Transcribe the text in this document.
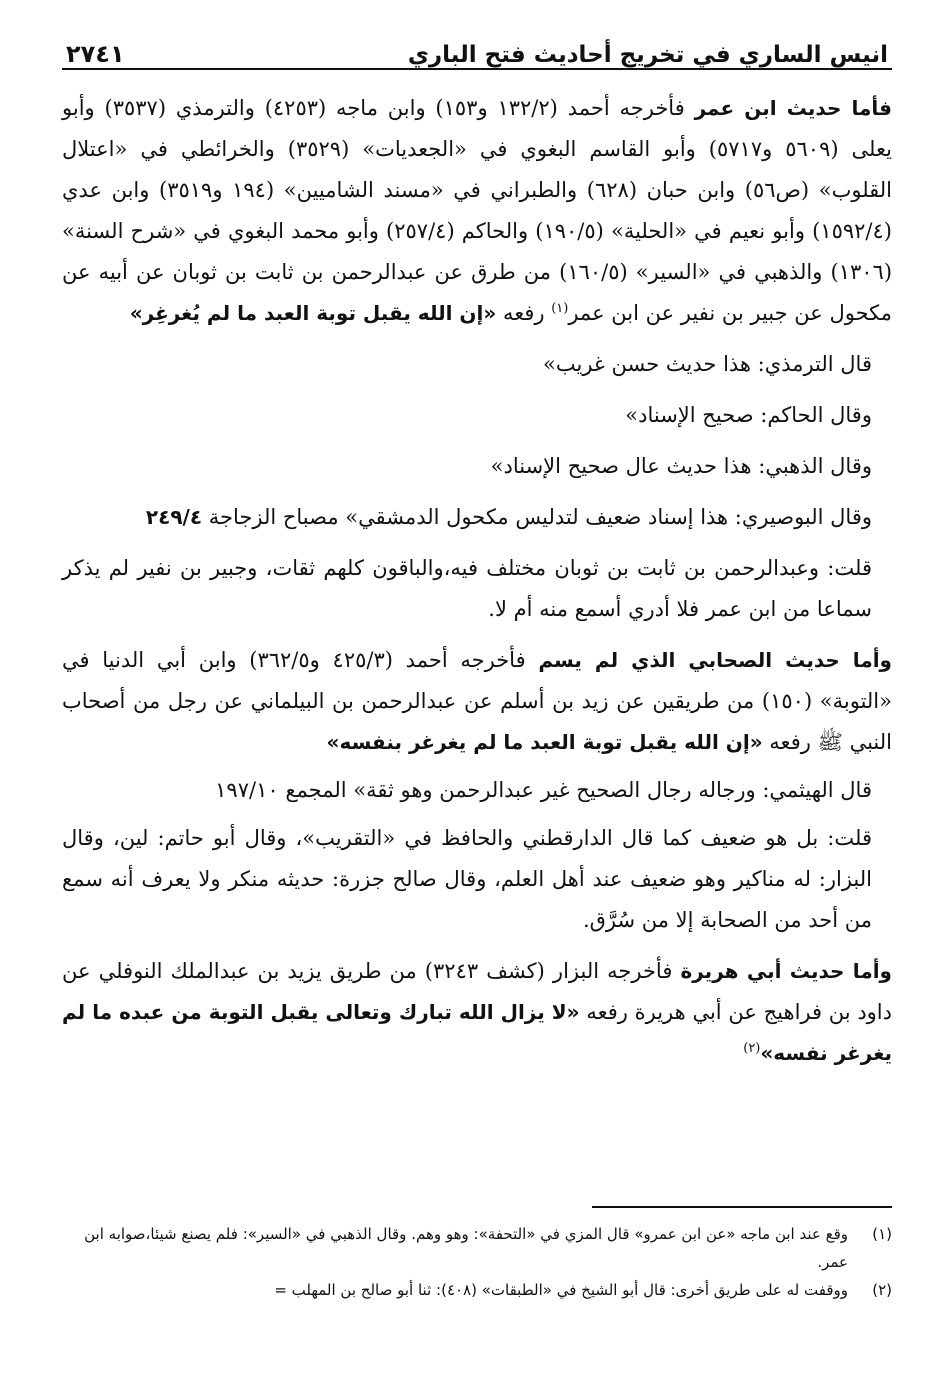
انيس الساري في تخريج أحاديث فتح الباري
٢٧٤١

فأما حديث ابن عمر فأخرجه أحمد (١٣٢/٢ و١٥٣) وابن ماجه (٤٢٥٣) والترمذي (٣٥٣٧) وأبو يعلى (٥٦٠٩ و٥٧١٧) وأبو القاسم البغوي في «الجعديات» (٣٥٢٩) والخرائطي في «اعتلال القلوب» (ص٥٦) وابن حبان (٦٢٨) والطبراني في «مسند الشاميين» (١٩٤ و٣٥١٩) وابن عدي (١٥٩٢/٤) وأبو نعيم في «الحلية» (١٩٠/٥) والحاكم (٢٥٧/٤) وأبو محمد البغوي في «شرح السنة» (١٣٠٦) والذهبي في «السير» (١٦٠/٥) من طرق عن عبدالرحمن بن ثابت بن ثوبان عن أبيه عن مكحول عن جبير بن نفير عن ابن عمر$^{(١)}$ رفعه «إن الله يقبل توبة العبد ما لم يُغرغِر»

قال الترمذي: هذا حديث حسن غريب»

وقال الحاكم: صحيح الإسناد»

وقال الذهبي: هذا حديث عال صحيح الإسناد»

وقال البوصيري: هذا إسناد ضعيف لتدليس مكحول الدمشقي» مصباح الزجاجة ٢٤٩/٤

قلت: وعبدالرحمن بن ثابت بن ثوبان مختلف فيه،والباقون كلهم ثقات، وجبير بن نفير لم يذكر سماعا من ابن عمر فلا أدري أسمع منه أم لا.

وأما حديث الصحابي الذي لم يسم فأخرجه أحمد (٤٢٥/٣ و٣٦٢/٥) وابن أبي الدنيا في «التوبة» (١٥٠) من طريقين عن زيد بن أسلم عن عبدالرحمن بن البيلماني عن رجل من أصحاب النبي ﷺ رفعه «إن الله يقبل توبة العبد ما لم يغرغر بنفسه»

قال الهيثمي: ورجاله رجال الصحيح غير عبدالرحمن وهو ثقة» المجمع ١٩٧/١٠

قلت: بل هو ضعيف كما قال الدارقطني والحافظ في «التقريب»، وقال أبو حاتم: لين، وقال البزار: له مناكير وهو ضعيف عند أهل العلم، وقال صالح جزرة: حديثه منكر ولا يعرف أنه سمع من أحد من الصحابة إلا من سُرَّق.

وأما حديث أبي هريرة فأخرجه البزار (كشف ٣٢٤٣) من طريق يزيد بن عبدالملك النوفلي عن داود بن فراهيج عن أبي هريرة رفعه «لا يزال الله تبارك وتعالى يقبل التوبة من عبده ما لم يغرغر نفسه»$^{(٢)}$

(١)
وقع عند ابن ماجه «عن ابن عمرو» قال المزي في «التحفة»: وهو وهم. وقال الذهبي في «السير»: فلم يصنع شيئا،صوابه ابن عمر.
(٢)
ووقفت له على طريق أخرى: قال أبو الشيخ في «الطبقات» (٤٠٨): ثنا أبو صالح بن المهلب =
